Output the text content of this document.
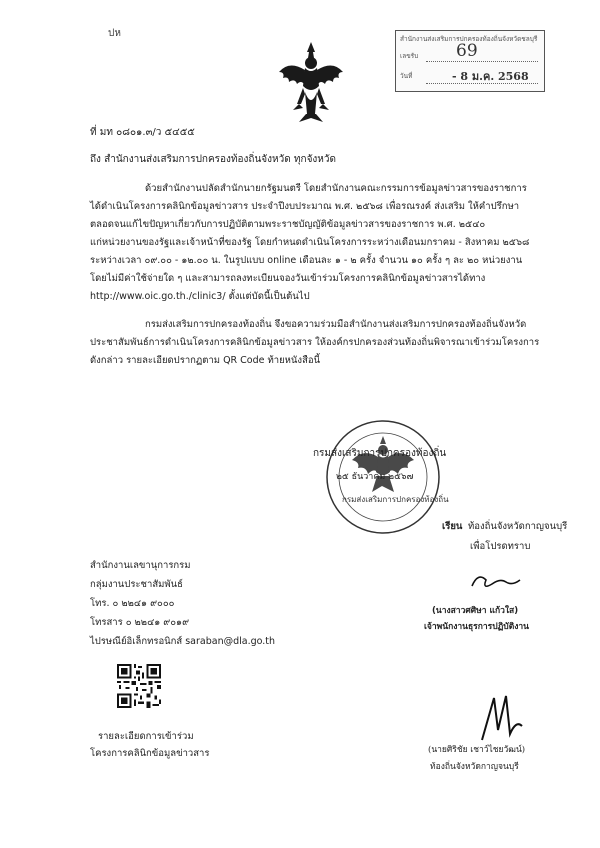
ปห	สำนักงานส่งเสริมการปกครองท้องถิ่นจังหวัดชลบุรี
เลขรับ 69
วันที่	- 8 ม.ค. 2568
ที่ มท ๐๘๐๑.๓/ว ๕๔๕๕
ถึง สำนักงานส่งเสริมการปกครองท้องถิ่นจังหวัด ทุกจังหวัด
ด้วยสำนักงานปลัดสำนักนายกรัฐมนตรี โดยสำนักงานคณะกรรมการข้อมูลข่าวสารของราชการ
ได้ดำเนินโครงการคลินิกข้อมูลข่าวสาร ประจำปีงบประมาณ พ.ศ. ๒๕๖๘ เพื่อรณรงค์ ส่งเสริม ให้คำปรึกษา
ตลอดจนแก้ไขปัญหาเกี่ยวกับการปฏิบัติตามพระราชบัญญัติข้อมูลข่าวสารของราชการ พ.ศ. ๒๕๔๐
แก่หน่วยงานของรัฐและเจ้าหน้าที่ของรัฐ โดยกำหนดดำเนินโครงการระหว่างเดือนมกราคม - สิงหาคม ๒๕๖๘
ระหว่างเวลา ๐๙.๐๐ - ๑๒.๐๐ น. ในรูปแบบ online เดือนละ ๑ - ๒ ครั้ง จำนวน ๑๐ ครั้ง ๆ ละ ๒๐ หน่วยงาน
โดยไม่มีค่าใช้จ่ายใด ๆ และสามารถลงทะเบียนจองวันเข้าร่วมโครงการคลินิกข้อมูลข่าวสารได้ทาง
http://www.oic.go.th./clinic3/ ตั้งแต่บัดนี้เป็นต้นไป
กรมส่งเสริมการปกครองท้องถิ่น จึงขอความร่วมมือสำนักงานส่งเสริมการปกครองท้องถิ่นจังหวัด
ประชาสัมพันธ์การดำเนินโครงการคลินิกข้อมูลข่าวสาร ให้องค์กรปกครองส่วนท้องถิ่นพิจารณาเข้าร่วมโครงการ
ดังกล่าว รายละเอียดปรากฏตาม QR Code ท้ายหนังสือนี้
กรมส่งเสริมการปกครองท้องถิ่น
๒๕ ธันวาคม ๒๕๖๗
กรมส่งเสริมการปกครองท้องถิ่น
เรียน ท้องถิ่นจังหวัดกาญจนบุรี
เพื่อโปรดทราบ
(นางสาวศศิษา แก้วใส)
เจ้าพนักงานธุรการปฏิบัติงาน
สำนักงานเลขานุการกรม
กลุ่มงานประชาสัมพันธ์
โทร. ๐ ๒๒๔๑ ๙๐๐๐
โทรสาร ๐ ๒๒๔๑ ๙๐๑๙
ไปรษณีย์อิเล็กทรอนิกส์ saraban@dla.go.th
รายละเอียดการเข้าร่วม
โครงการคลินิกข้อมูลข่าวสาร	(นายศิริชัย เชาว์ไชยวัฒน์)
ท้องถิ่นจังหวัดกาญจนบุรี
